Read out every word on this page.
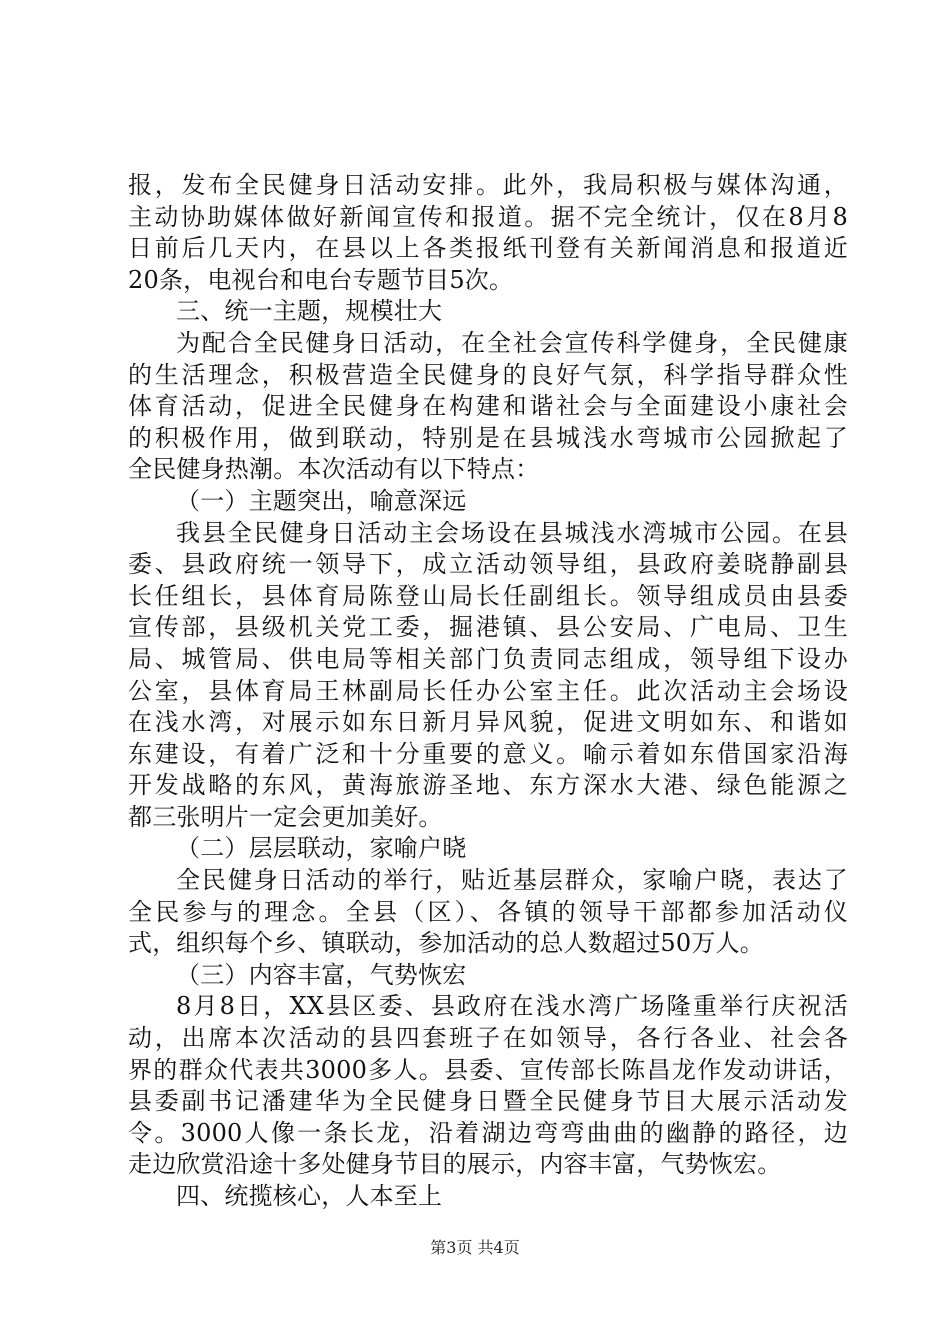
报，发布全民健身日活动安排。此外，我局积极与媒体沟通，
主动协助媒体做好新闻宣传和报道。据不完全统计，仅在8月8
日前后几天内，在县以上各类报纸刊登有关新闻消息和报道近
20条，电视台和电台专题节目5次。
三、统一主题，规模壮大
为配合全民健身日活动，在全社会宣传科学健身，全民健康
的生活理念，积极营造全民健身的良好气氛，科学指导群众性
体育活动，促进全民健身在构建和谐社会与全面建设小康社会
的积极作用，做到联动，特别是在县城浅水弯城市公园掀起了
全民健身热潮。本次活动有以下特点：
（一）主题突出，喻意深远
我县全民健身日活动主会场设在县城浅水湾城市公园。在县
委、县政府统一领导下，成立活动领导组，县政府姜晓静副县
长任组长，县体育局陈登山局长任副组长。领导组成员由县委
宣传部，县级机关党工委，掘港镇、县公安局、广电局、卫生
局、城管局、供电局等相关部门负责同志组成，领导组下设办
公室，县体育局王林副局长任办公室主任。此次活动主会场设
在浅水湾，对展示如东日新月异风貌，促进文明如东、和谐如
东建设，有着广泛和十分重要的意义。喻示着如东借国家沿海
开发战略的东风，黄海旅游圣地、东方深水大港、绿色能源之
都三张明片一定会更加美好。
（二）层层联动，家喻户晓
全民健身日活动的举行，贴近基层群众，家喻户晓，表达了
全民参与的理念。全县（区）、各镇的领导干部都参加活动仪
式，组织每个乡、镇联动，参加活动的总人数超过50万人。
（三）内容丰富，气势恢宏
8月8日，XX县区委、县政府在浅水湾广场隆重举行庆祝活
动，出席本次活动的县四套班子在如领导，各行各业、社会各
界的群众代表共3000多人。县委、宣传部长陈昌龙作发动讲话，
县委副书记潘建华为全民健身日暨全民健身节目大展示活动发
令。3000人像一条长龙，沿着湖边弯弯曲曲的幽静的路径，边
走边欣赏沿途十多处健身节目的展示，内容丰富，气势恢宏。
四、统揽核心，人本至上
第3页 共4页
